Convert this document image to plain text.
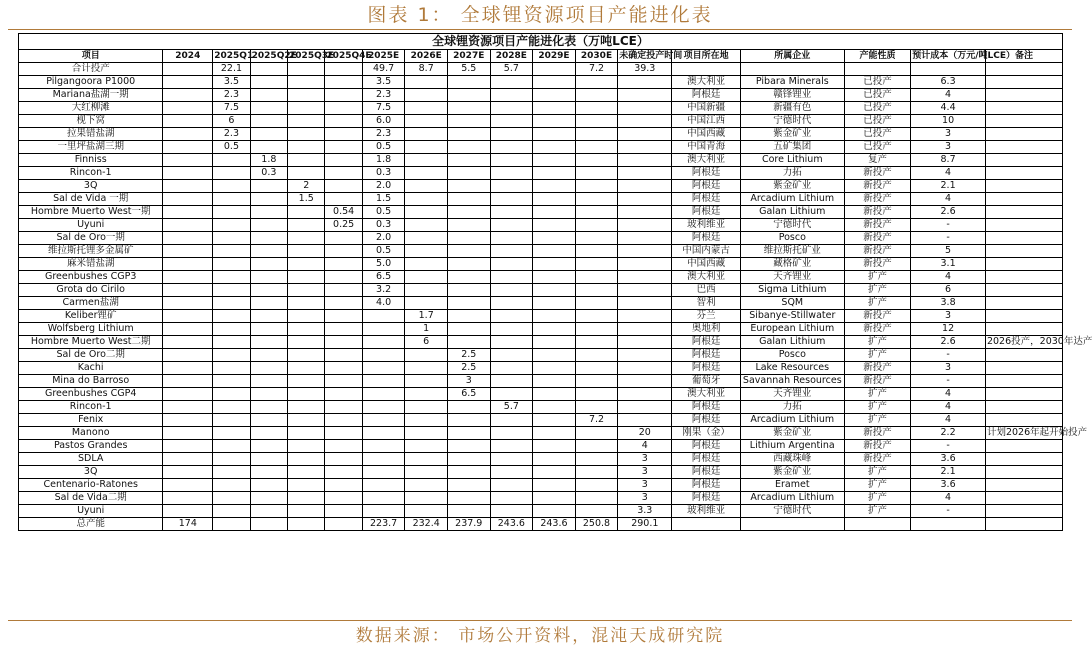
图表 1： 全球锂资源项目产能进化表
全球锂资源项目产能进化表（万吨LCE）																	
项目	2024	2025Q1	2025Q2E	2025Q3E	2025Q4E	2025E	2026E	2027E	2028E	2029E	2030E	未确定投产时间	项目所在地	所属企业	产能性质	预计成本（万元/吨LCE）	备注
合计投产		22.1				49.7	8.7	5.5	5.7		7.2	39.3					
Pilgangoora P1000		3.5				3.5							澳大利亚	Pibara Minerals	已投产	6.3	
Mariana盐湖一期		2.3				2.3							阿根廷	赣锋锂业	已投产	4	
大红柳滩		7.5				7.5							中国新疆	新疆有色	已投产	4.4	
枧下窝		6				6.0							中国江西	宁德时代	已投产	10	
拉果错盐湖		2.3				2.3							中国西藏	紫金矿业	已投产	3	
一里坪盐湖三期		0.5				0.5							中国青海	五矿集团	已投产	3	
Finniss			1.8			1.8							澳大利亚	Core Lithium	复产	8.7	
Rincon-1			0.3			0.3							阿根廷	力拓	新投产	4	
3Q				2		2.0							阿根廷	紫金矿业	新投产	2.1	
Sal de Vida 一期				1.5		1.5							阿根廷	Arcadium Lithium	新投产	4	
Hombre Muerto West一期					0.54	0.5							阿根廷	Galan Lithium	新投产	2.6	
Uyuni					0.25	0.3							玻利维亚	宁德时代	新投产	-	
Sal de Oro一期						2.0							阿根廷	Posco	新投产	-	
维拉斯托锂多金属矿						0.5							中国内蒙古	维拉斯托矿业	新投产	5	
麻米错盐湖						5.0							中国西藏	藏格矿业	新投产	3.1	
Greenbushes CGP3						6.5							澳大利亚	天齐锂业	扩产	4	
Grota do Cirilo						3.2							巴西	Sigma Lithium	扩产	6	
Carmen盐湖						4.0							智利	SQM	扩产	3.8	
Keliber锂矿							1.7						芬兰	Sibanye-Stillwater	新投产	3	
Wolfsberg Lithium							1						奥地利	European Lithium	新投产	12	
Hombre Muerto West二期							6						阿根廷	Galan Lithium	扩产	2.6	2026投产，2030年达产
Sal de Oro二期								2.5					阿根廷	Posco	扩产	-	
Kachi								2.5					阿根廷	Lake Resources	新投产	3	
Mina do Barroso								3					葡萄牙	Savannah Resources	新投产	-	
Greenbushes CGP4								6.5					澳大利亚	天齐锂业	扩产	4	
Rincon-1									5.7				阿根廷	力拓	扩产	4	
Fenix											7.2		阿根廷	Arcadium Lithium	扩产	4	
Manono												20	刚果（金）	紫金矿业	新投产	2.2	计划2026年起开始投产
Pastos Grandes												4	阿根廷	Lithium Argentina	新投产	-	
SDLA												3	阿根廷	西藏珠峰	新投产	3.6	
3Q												3	阿根廷	紫金矿业	扩产	2.1	
Centenario-Ratones												3	阿根廷	Eramet	扩产	3.6	
Sal de Vida二期												3	阿根廷	Arcadium Lithium	扩产	4	
Uyuni												3.3	玻利维亚	宁德时代	扩产	-	
总产能	174					223.7	232.4	237.9	243.6	243.6	250.8	290.1					
数据来源： 市场公开资料，混沌天成研究院
